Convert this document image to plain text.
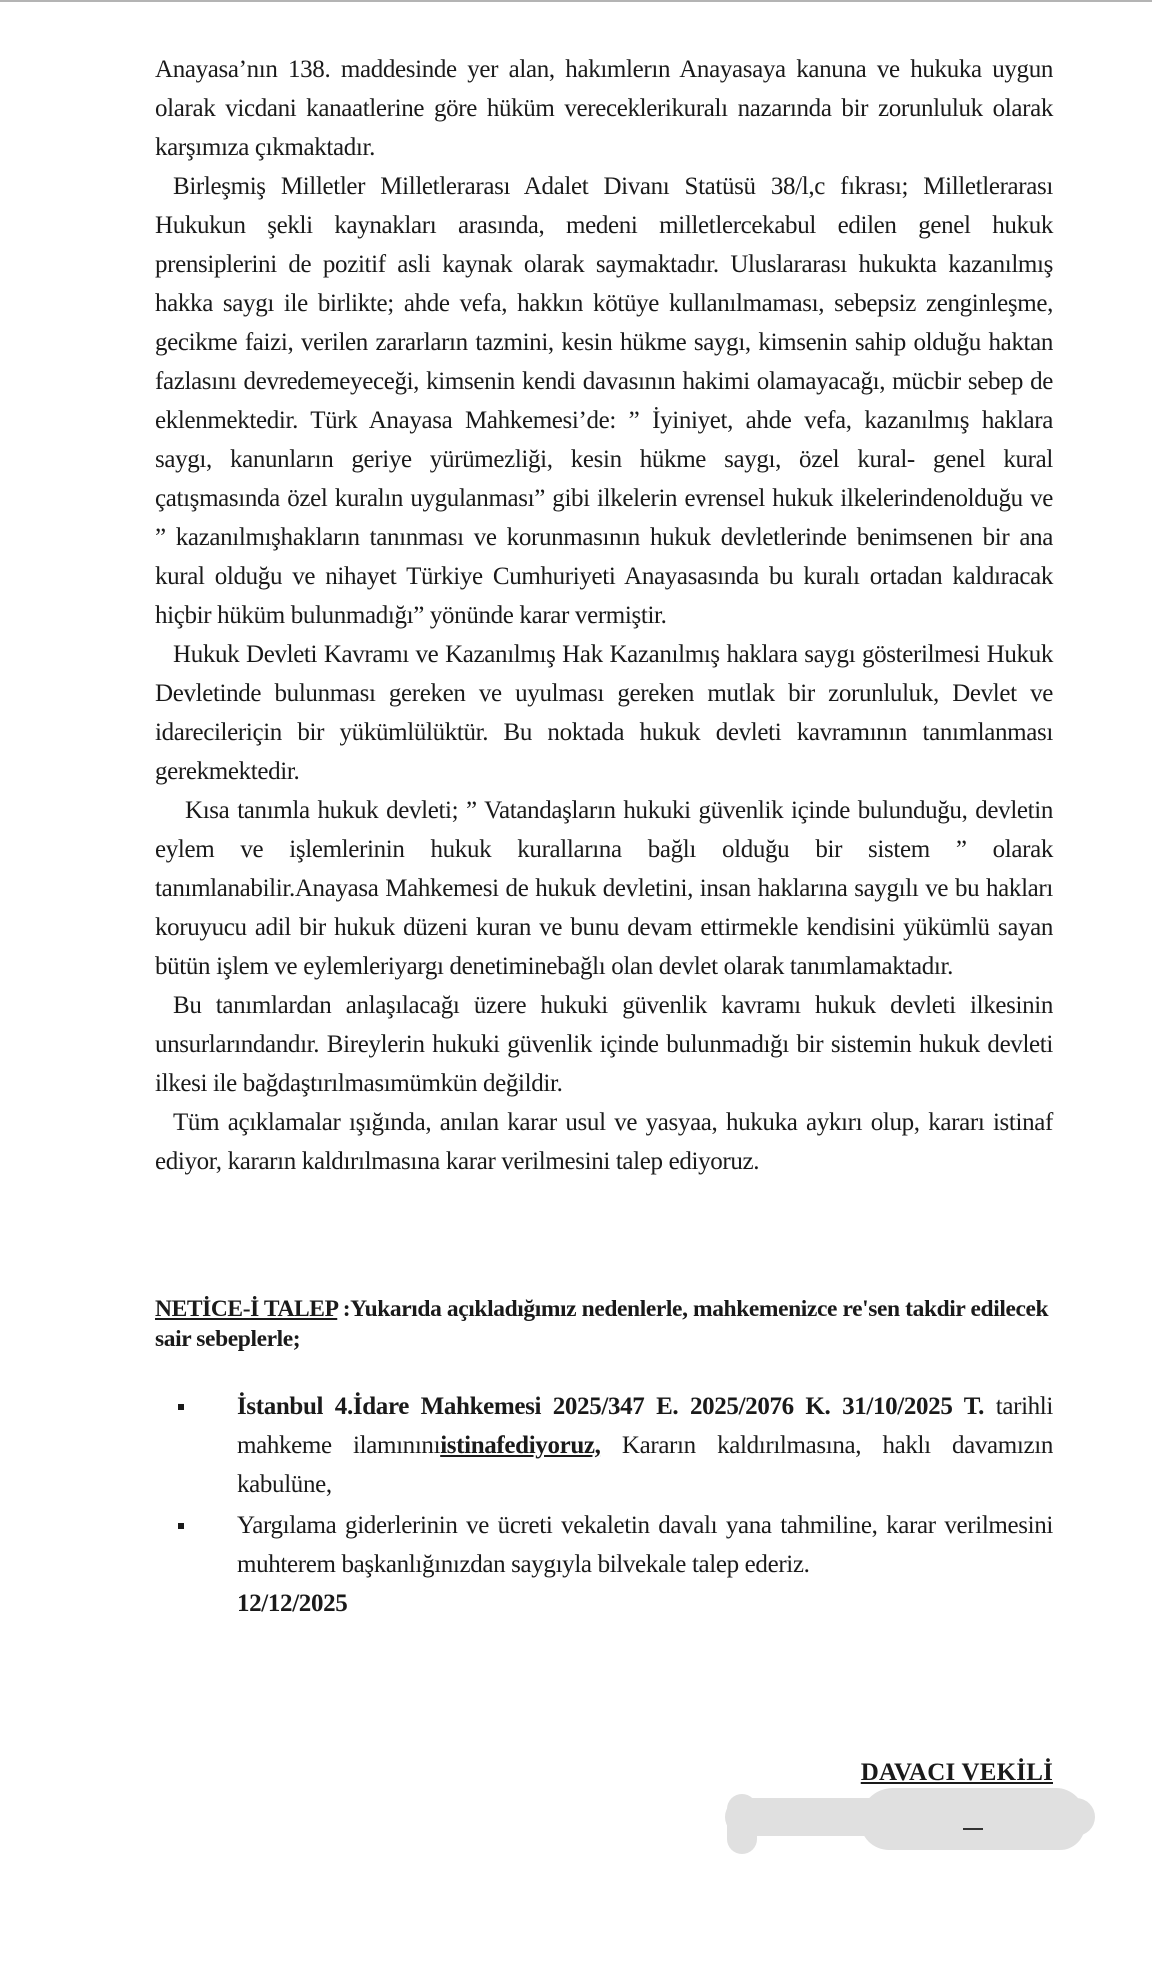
Anayasa’nın 138. maddesinde yer alan, hakımlerın Anayasaya kanuna ve hukuka uygun olarak vicdani kanaatlerine göre hüküm vereceklerikuralı nazarında bir zorunluluk olarak karşımıza çıkmaktadır.

Birleşmiş Milletler Milletlerarası Adalet Divanı Statüsü 38/l,c fıkrası; Milletlerarası Hukukun şekli kaynakları arasında, medeni milletlercekabul edilen genel hukuk prensiplerini de pozitif asli kaynak olarak saymaktadır. Uluslararası hukukta kazanılmış hakka saygı ile birlikte; ahde vefa, hakkın kötüye kullanılmaması, sebepsiz zenginleşme, gecikme faizi, verilen zararların tazmini, kesin hükme saygı, kimsenin sahip olduğu haktan fazlasını devredemeyeceği, kimsenin kendi davasının hakimi olamayacağı, mücbir sebep de eklenmektedir. Türk Anayasa Mahkemesi’de: ” İyiniyet, ahde vefa, kazanılmış haklara saygı, kanunların geriye yürümezliği, kesin hükme saygı, özel kural- genel kural çatışmasında özel kuralın uygulanması” gibi ilkelerin evrensel hukuk ilkelerindenolduğu ve ” kazanılmışhakların tanınması ve korunmasının hukuk devletlerinde benimsenen bir ana kural olduğu ve nihayet Türkiye Cumhuriyeti Anayasasında bu kuralı ortadan kaldıracak hiçbir hüküm bulunmadığı” yönünde karar vermiştir.

Hukuk Devleti Kavramı ve Kazanılmış Hak Kazanılmış haklara saygı gösterilmesi Hukuk Devletinde bulunması gereken ve uyulması gereken mutlak bir zorunluluk, Devlet ve idarecileriçin bir yükümlülüktür. Bu noktada hukuk devleti kavramının tanımlanması gerekmektedir.

Kısa tanımla hukuk devleti; ” Vatandaşların hukuki güvenlik içinde bulunduğu, devletin eylem ve işlemlerinin hukuk kurallarına bağlı olduğu bir sistem ” olarak tanımlanabilir.Anayasa Mahkemesi de hukuk devletini, insan haklarına saygılı ve bu hakları koruyucu adil bir hukuk düzeni kuran ve bunu devam ettirmekle kendisini yükümlü sayan bütün işlem ve eylemleriyargı denetiminebağlı olan devlet olarak tanımlamaktadır.

Bu tanımlardan anlaşılacağı üzere hukuki güvenlik kavramı hukuk devleti ilkesinin unsurlarındandır. Bireylerin hukuki güvenlik içinde bulunmadığı bir sistemin hukuk devleti ilkesi ile bağdaştırılmasımümkün değildir.

Tüm açıklamalar ışığında, anılan karar usul ve yasyaa, hukuka aykırı olup, kararı istinaf ediyor, kararın kaldırılmasına karar verilmesini talep ediyoruz.

NETİCE-İ TALEP :Yukarıda açıkladığımız nedenlerle, mahkemenizce re'sen takdir edilecek sair sebeplerle;

İstanbul 4.İdare Mahkemesi 2025/347 E. 2025/2076 K. 31/10/2025 T. tarihli mahkeme ilamınınıistinafediyoruz, Kararın kaldırılmasına, haklı davamızın kabulüne,
Yargılama giderlerinin ve ücreti vekaletin davalı yana tahmiline, karar verilmesini muhterem başkanlığınızdan saygıyla bilvekale talep ederiz.
12/12/2025
DAVACI VEKİLİ
